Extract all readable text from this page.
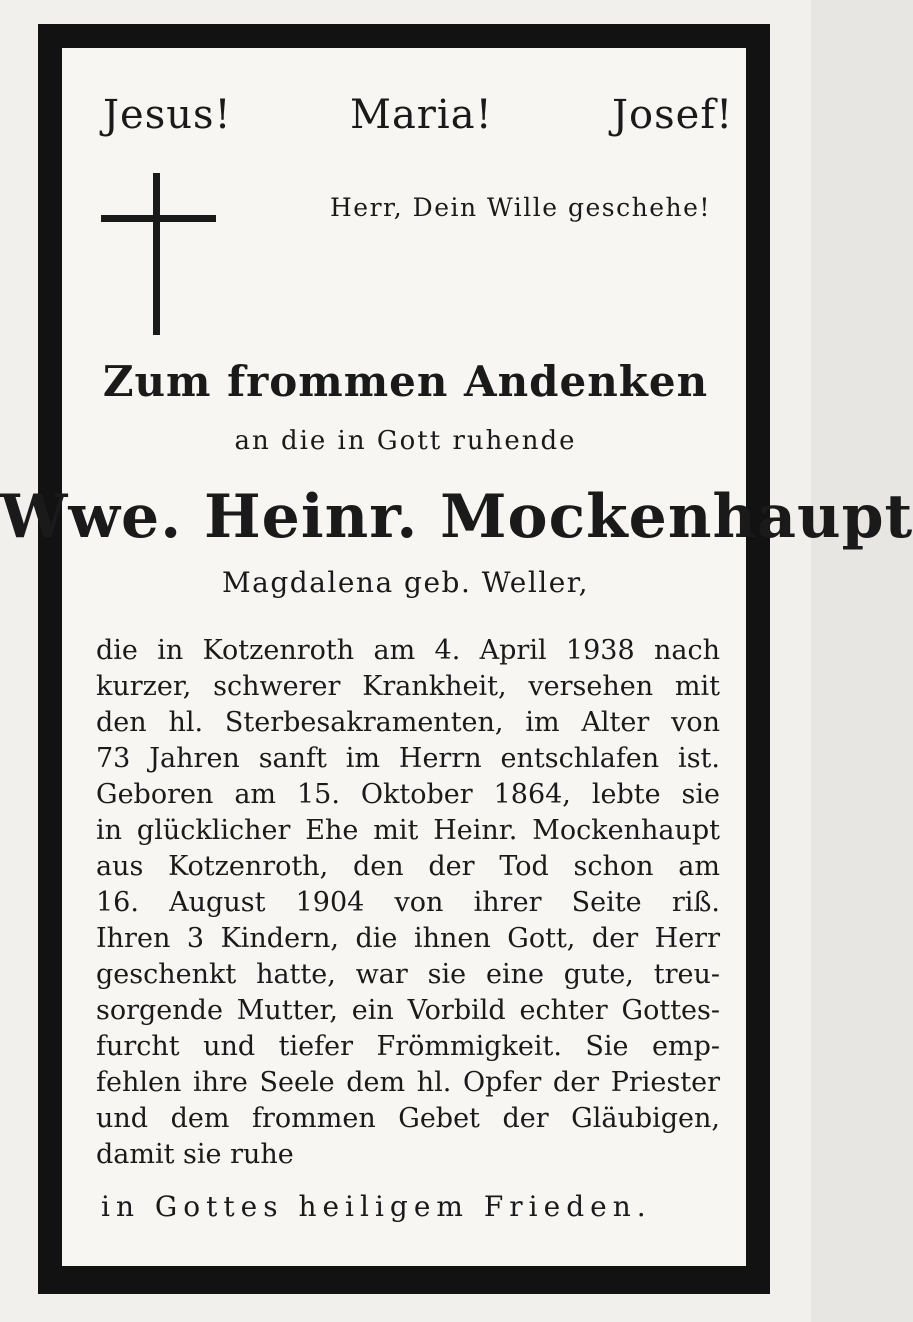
Jesus!	Maria!	Josef!
Herr, Dein Wille geschehe!
Zum frommen Andenken
an die in Gott ruhende
Wwe. Heinr. Mockenhaupt
Magdalena geb. Weller,
die in Kotzenroth am 4. April 1938 nach
kurzer, schwerer Krankheit, versehen mit
den hl. Sterbesakramenten, im Alter von
73 Jahren sanft im Herrn entschlafen ist.
Geboren am 15. Oktober 1864, lebte sie
in glücklicher Ehe mit Heinr. Mockenhaupt
aus Kotzenroth, den der Tod schon am
16. August 1904 von ihrer Seite riß.
Ihren 3 Kindern, die ihnen Gott, der Herr
geschenkt hatte, war sie eine gute, treu-
sorgende Mutter, ein Vorbild echter Gottes-
furcht und tiefer Frömmigkeit. Sie emp-
fehlen ihre Seele dem hl. Opfer der Priester
und dem frommen Gebet der Gläubigen,
damit sie ruhe
in Gottes heiligem Frieden.
